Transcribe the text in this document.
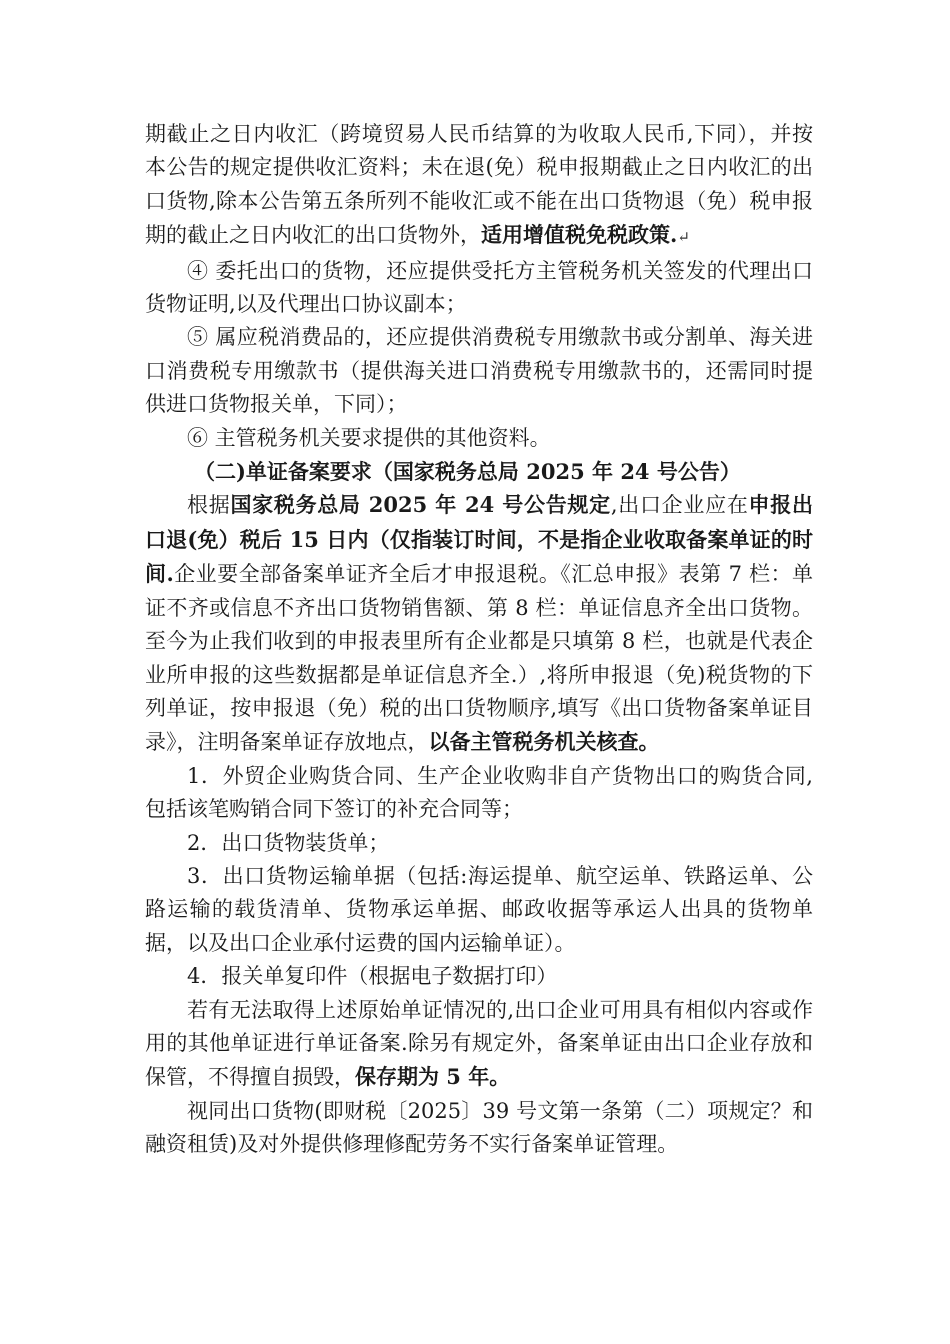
期截止之日内收汇（跨境贸易人民币结算的为收取人民币,下同），并按本公告的规定提供收汇资料；未在退(免）税申报期截止之日内收汇的出口货物,除本公告第五条所列不能收汇或不能在出口货物退（免）税申报期的截止之日内收汇的出口货物外，适用增值税免税政策.↵

④ 委托出口的货物，还应提供受托方主管税务机关签发的代理出口货物证明,以及代理出口协议副本；

⑤ 属应税消费品的，还应提供消费税专用缴款书或分割单、海关进口消费税专用缴款书（提供海关进口消费税专用缴款书的，还需同时提供进口货物报关单，下同）；

⑥ 主管税务机关要求提供的其他资料。

（二)单证备案要求（国家税务总局 2025 年 24 号公告）

根据国家税务总局 2025 年 24 号公告规定,出口企业应在申报出口退(免）税后 15 日内（仅指装订时间，不是指企业收取备案单证的时间.企业要全部备案单证齐全后才申报退税。《汇总申报》表第 7 栏：单证不齐或信息不齐出口货物销售额、第 8 栏：单证信息齐全出口货物。至今为止我们收到的申报表里所有企业都是只填第 8 栏，也就是代表企业所申报的这些数据都是单证信息齐全.）,将所申报退（免)税货物的下列单证，按申报退（免）税的出口货物顺序,填写《出口货物备案单证目录》，注明备案单证存放地点，以备主管税务机关核查。

1．外贸企业购货合同、生产企业收购非自产货物出口的购货合同,包括该笔购销合同下签订的补充合同等；

2．出口货物装货单；

3．出口货物运输单据（包括:海运提单、航空运单、铁路运单、公路运输的载货清单、货物承运单据、邮政收据等承运人出具的货物单据，以及出口企业承付运费的国内运输单证）。

4．报关单复印件（根据电子数据打印）

若有无法取得上述原始单证情况的,出口企业可用具有相似内容或作用的其他单证进行单证备案.除另有规定外，备案单证由出口企业存放和保管，不得擅自损毁，保存期为 5 年。

视同出口货物(即财税〔2025〕39 号文第一条第（二）项规定？和融资租赁)及对外提供修理修配劳务不实行备案单证管理。
